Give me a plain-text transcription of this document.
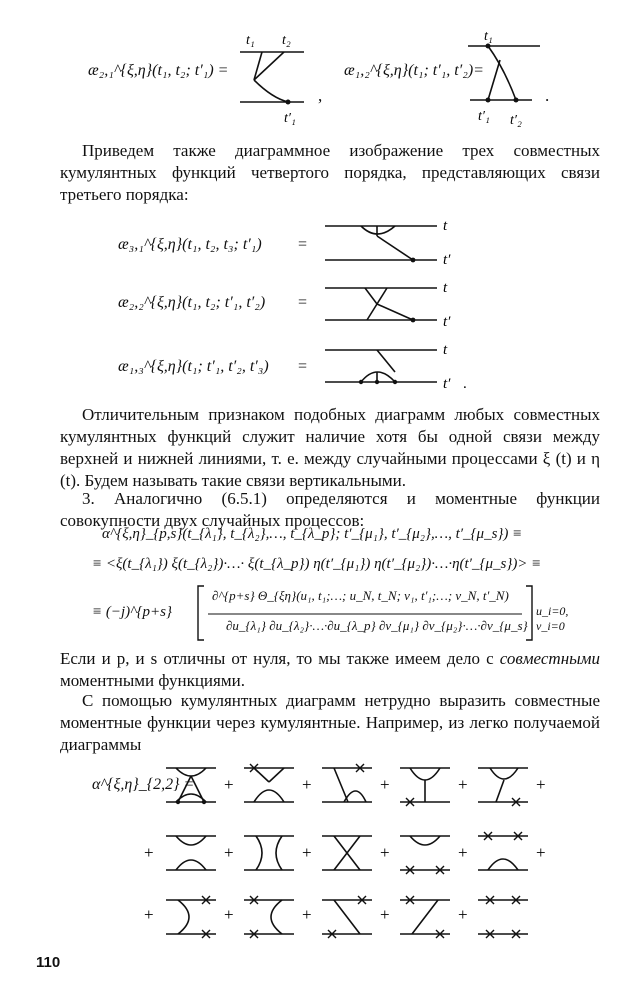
æ₂,₁^{ξ,η}(t₁, t₂; t′₁) =
t₁ t₂
t′₁
,
æ₁,₂^{ξ,η}(t₁; t′₁, t′₂)=
t₁
t′₁ t′₂
.

Приведем также диаграммное изображение трех совместных кумулянтных функций четвертого порядка, представляющих связи третьего порядка:

æ₃,₁^{ξ,η}(t₁, t₂, t₃; t′₁) =
t
t′
æ₂,₂^{ξ,η}(t₁, t₂; t′₁, t′₂) =
t
t′
æ₁,₃^{ξ,η}(t₁; t′₁, t′₂, t′₃) =
t
t′ .

Отличительным признаком подобных диаграмм любых совместных кумулянтных функций служит наличие хотя бы одной связи между верхней и нижней линиями, т. е. между случайными процессами ξ (t) и η (t). Будем называть такие связи вертикальными.

3. Аналогично (6.5.1) определяются и моментные функции совокупности двух случайных процессов:

α^{ξ,η}_{p,s}(t_{λ₁}, t_{λ₂},…, t_{λ_p}; t′_{μ₁}, t′_{μ₂},…, t′_{μ_s}) ≡
≡ <ξ(t_{λ₁}) ξ(t_{λ₂})·…· ξ(t_{λ_p}) η(t′_{μ₁}) η(t′_{μ₂})·…·η(t′_{μ_s})> ≡
≡ (−j)^{p+s}
∂^{p+s} Θ_{ξη}(u₁, t₁;…; u_N, t_N; v₁, t′₁;…; v_N, t′_N)
∂u_{λ₁} ∂u_{λ₂}·…·∂u_{λ_p} ∂v_{μ₁} ∂v_{μ₂}·…·∂v_{μ_s}
u_i=0, v_i=0

Если и p, и s отличны от нуля, то мы также имеем дело с совместными моментными функциями.

С помощью кумулянтных диаграмм нетрудно выразить совместные моментные функции через кумулянтные. Например, из легко получаемой диаграммы

α^{ξ,η}_{2,2} = +	+	+	+	+
+	+	+	+	+	+
+	+	+	+	+
110
